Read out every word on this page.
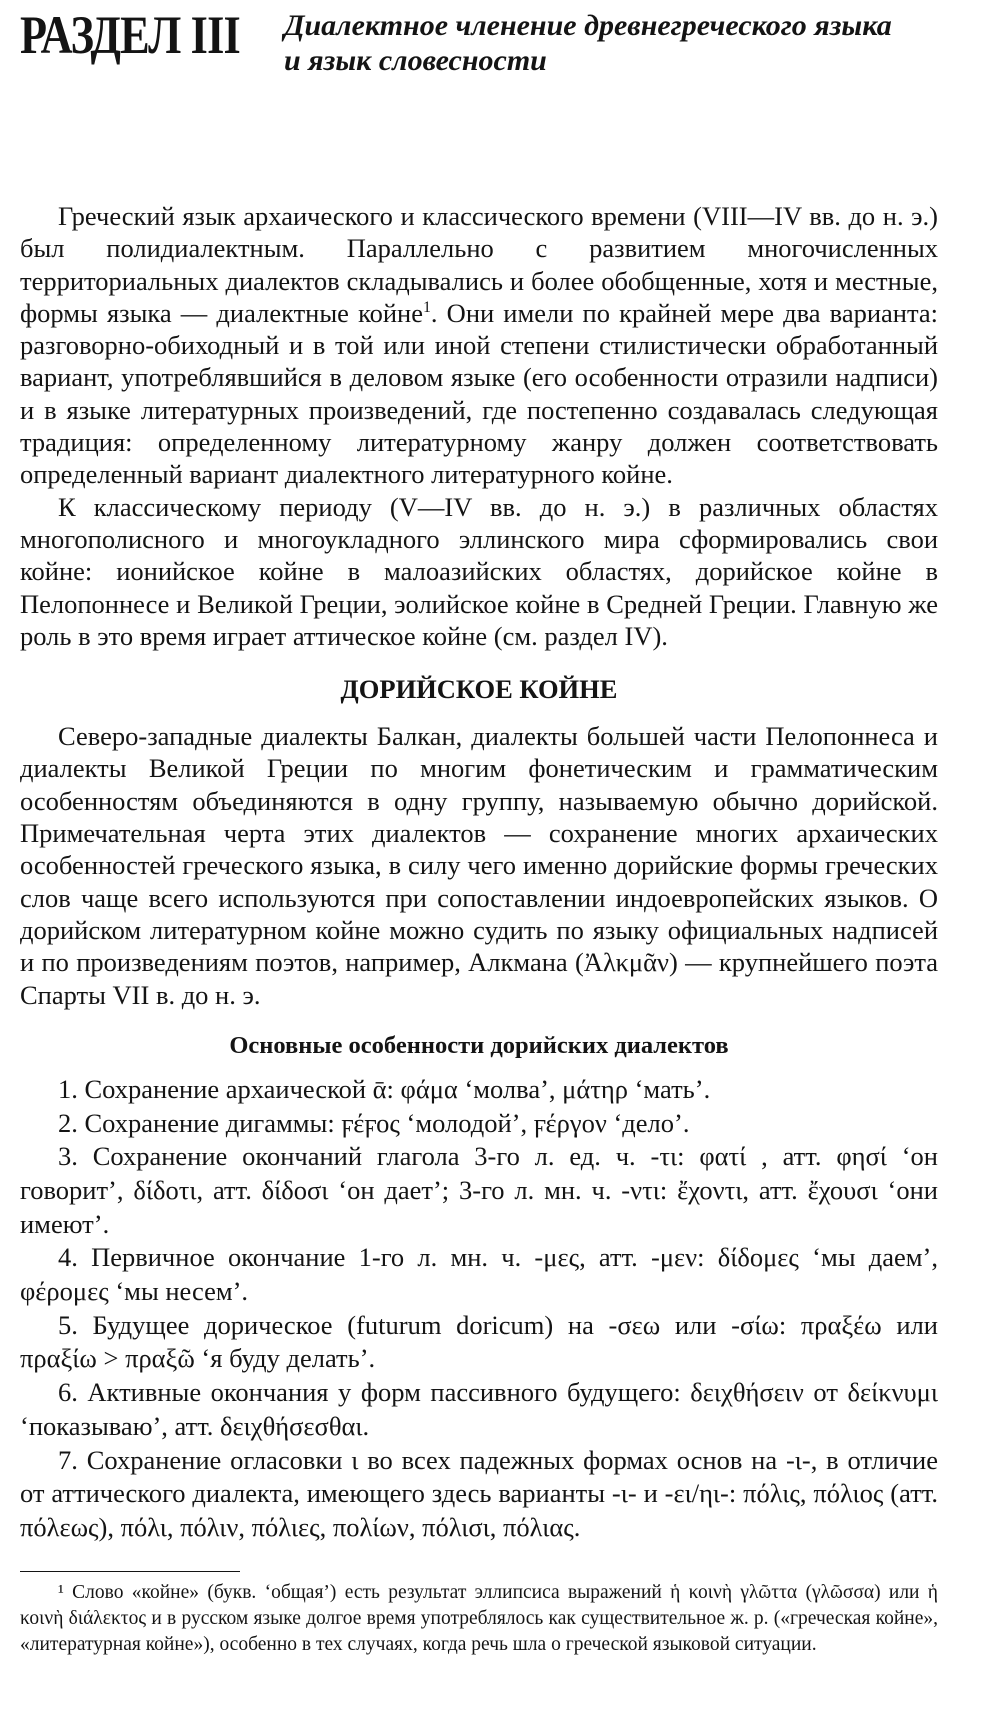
РАЗДЕЛ III Диалектное членение древнегреческого языка
и язык словесности

Греческий язык архаического и классического времени (VIII—IV вв. до н. э.) был полидиалектным. Параллельно с развитием многочисленных территориальных диалектов складывались и более обобщенные, хотя и местные, формы языка — диалектные койне$^1$. Они имели по крайней мере два варианта: разговорно-обиходный и в той или иной степени стилистически обработанный вариант, употреблявшийся в деловом языке (его особенности отразили надписи) и в языке литературных произведений, где постепенно создавалась следующая традиция: определенному литературному жанру должен соответствовать определенный вариант диалектного литературного койне.

К классическому периоду (V—IV вв. до н. э.) в различных областях многополисного и многоукладного эллинского мира сформировались свои койне: ионийское койне в малоазийских областях, дорийское койне в Пелопоннесе и Великой Греции, эолийское койне в Средней Греции. Главную же роль в это время играет аттическое койне (см. раздел IV).

ДОРИЙСКОЕ КОЙНЕ

Северо-западные диалекты Балкан, диалекты большей части Пелопоннеса и диалекты Великой Греции по многим фонетическим и грамматическим особенностям объединяются в одну группу, называемую обычно дорийской. Примечательная черта этих диалектов — сохранение многих архаических особенностей греческого языка, в силу чего именно дорийские формы греческих слов чаще всего используются при сопоставлении индоевропейских языков. О дорийском литературном койне можно судить по языку официальных надписей и по произведениям поэтов, например, Алкмана (Ἀλκμᾶν) — крупнейшего поэта Спарты VII в. до н. э.

Основные особенности дорийских диалектов

1. Сохранение архаической ᾱ: φάμα ‘молва’, μάτηρ ‘мать’.

2. Сохранение дигаммы: ϝέϝος ‘молодой’, ϝέργον ‘дело’.

3. Сохранение окончаний глагола 3-го л. ед. ч. -τι: φατί , атт. φησί ‘он говорит’, δίδοτι, атт. δίδοσι ‘он дает’; 3-го л. мн. ч. -ντι: ἔχοντι, атт. ἔχουσι ‘они имеют’.

4. Первичное окончание 1-го л. мн. ч. -μες, атт. -μεν: δίδομες ‘мы даем’, φέρομες ‘мы несем’.

5. Будущее дорическое (futurum doricum) на -σεω или -σίω: πραξέω или πραξίω > πραξῶ ‘я буду делать’.

6. Активные окончания у форм пассивного будущего: δειχθήσειν от δείκνυμι ‘показываю’, атт. δειχθήσεσθαι.

7. Сохранение огласовки ι во всех падежных формах основ на -ι-, в отличие от аттического диалекта, имеющего здесь варианты -ι- и -ει/ηι-: πόλις, πόλιος (атт. πόλεως), πόλι, πόλιν, πόλιες, πολίων, πόλισι, πόλιας.

¹ Слово «койне» (букв. ‘общая’) есть результат эллипсиса выражений ἡ κοινὴ γλῶττα (γλῶσσα) или ἡ κοινὴ διάλεκτος и в русском языке долгое время употреблялось как существительное ж. р. («греческая койне», «литературная койне»), особенно в тех случаях, когда речь шла о греческой языковой ситуации.
